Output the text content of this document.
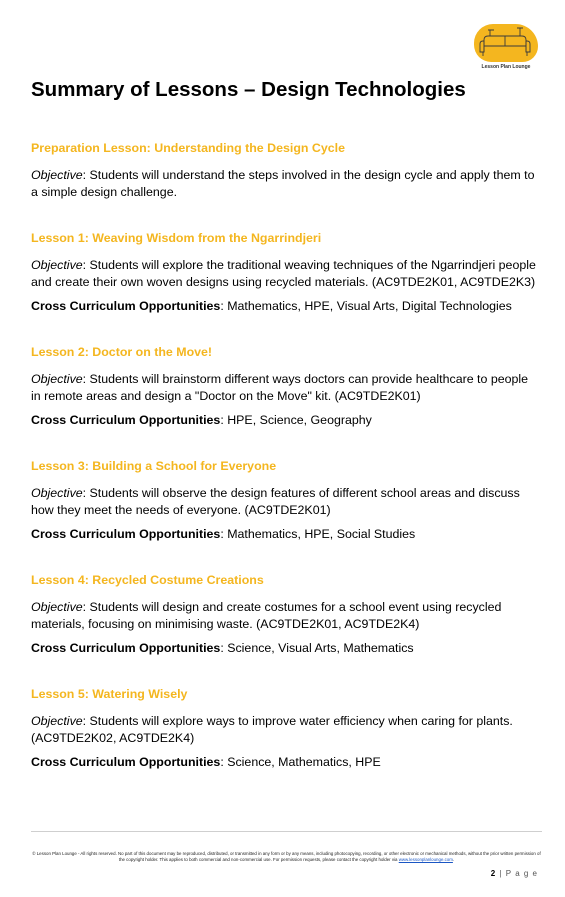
Lesson Plan Lounge
Summary of Lessons – Design Technologies

Preparation Lesson: Understanding the Design Cycle

Objective: Students will understand the steps involved in the design cycle and apply them to a simple design challenge.

Lesson 1: Weaving Wisdom from the Ngarrindjeri

Objective: Students will explore the traditional weaving techniques of the Ngarrindjeri people and create their own woven designs using recycled materials. (AC9TDE2K01, AC9TDE2K3)

Cross Curriculum Opportunities: Mathematics, HPE, Visual Arts, Digital Technologies

Lesson 2: Doctor on the Move!

Objective: Students will brainstorm different ways doctors can provide healthcare to people in remote areas and design a "Doctor on the Move" kit. (AC9TDE2K01)

Cross Curriculum Opportunities: HPE, Science, Geography

Lesson 3: Building a School for Everyone

Objective: Students will observe the design features of different school areas and discuss how they meet the needs of everyone. (AC9TDE2K01)

Cross Curriculum Opportunities: Mathematics, HPE, Social Studies

Lesson 4: Recycled Costume Creations

Objective: Students will design and create costumes for a school event using recycled materials, focusing on minimising waste. (AC9TDE2K01, AC9TDE2K4)

Cross Curriculum Opportunities: Science, Visual Arts, Mathematics

Lesson 5: Watering Wisely

Objective: Students will explore ways to improve water efficiency when caring for plants. (AC9TDE2K02, AC9TDE2K4)

Cross Curriculum Opportunities: Science, Mathematics, HPE

© Lesson Plan Lounge - All rights reserved. No part of this document may be reproduced, distributed, or transmitted in any form or by any means, including photocopying, recording, or other electronic or mechanical methods, without the prior written permission of the copyright holder. This applies to both commercial and non-commercial use. For permission requests, please contact the copyright holder via www.lessonplanlounge.com.
2 | P a g e
